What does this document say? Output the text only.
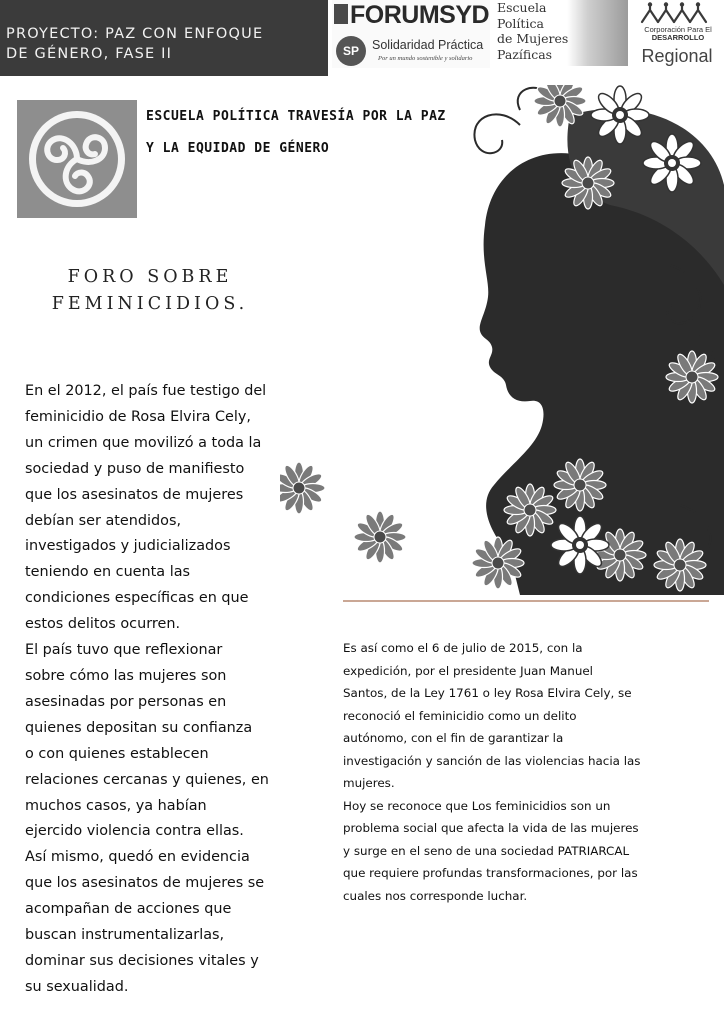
PROYECTO: PAZ CON ENFOQUE
DE GÉNERO, FASE II
FORUMSYD
SP	Solidaridad Práctica
Por un mundo sostenible y solidario
Escuela Política
de Mujeres
Pazíficas
Corporación Para El
DESARROLLO
Regional
ESCUELA POLÍTICA TRAVESÍA POR LA PAZ
Y LA EQUIDAD DE GÉNERO
FORO SOBRE
FEMINICIDIOS.

En el 2012, el país fue testigo del

feminicidio de Rosa Elvira Cely,

un crimen que movilizó a toda la

sociedad y puso de manifiesto

que los asesinatos de mujeres

debían ser atendidos,

investigados y judicializados

teniendo en cuenta las

condiciones específicas en que

estos delitos ocurren.

El país tuvo que reflexionar

sobre cómo las mujeres son

asesinadas por personas en

quienes depositan su confianza

o con quienes establecen

relaciones cercanas y quienes, en

muchos casos, ya habían

ejercido violencia contra ellas.

Así mismo, quedó en evidencia

que los asesinatos de mujeres se

acompañan de acciones que

buscan instrumentalizarlas,

dominar sus decisiones vitales y

su sexualidad.

Es así como el 6 de julio de 2015, con la

expedición, por el presidente Juan Manuel

Santos, de la Ley 1761 o ley Rosa Elvira Cely, se

reconoció el feminicidio como un delito

autónomo, con el fin de garantizar la

investigación y sanción de las violencias hacia las

mujeres.

Hoy se reconoce que Los feminicidios son un

problema social que afecta la vida de las mujeres

y surge en el seno de una sociedad PATRIARCAL

que requiere profundas transformaciones, por las

cuales nos corresponde luchar.
